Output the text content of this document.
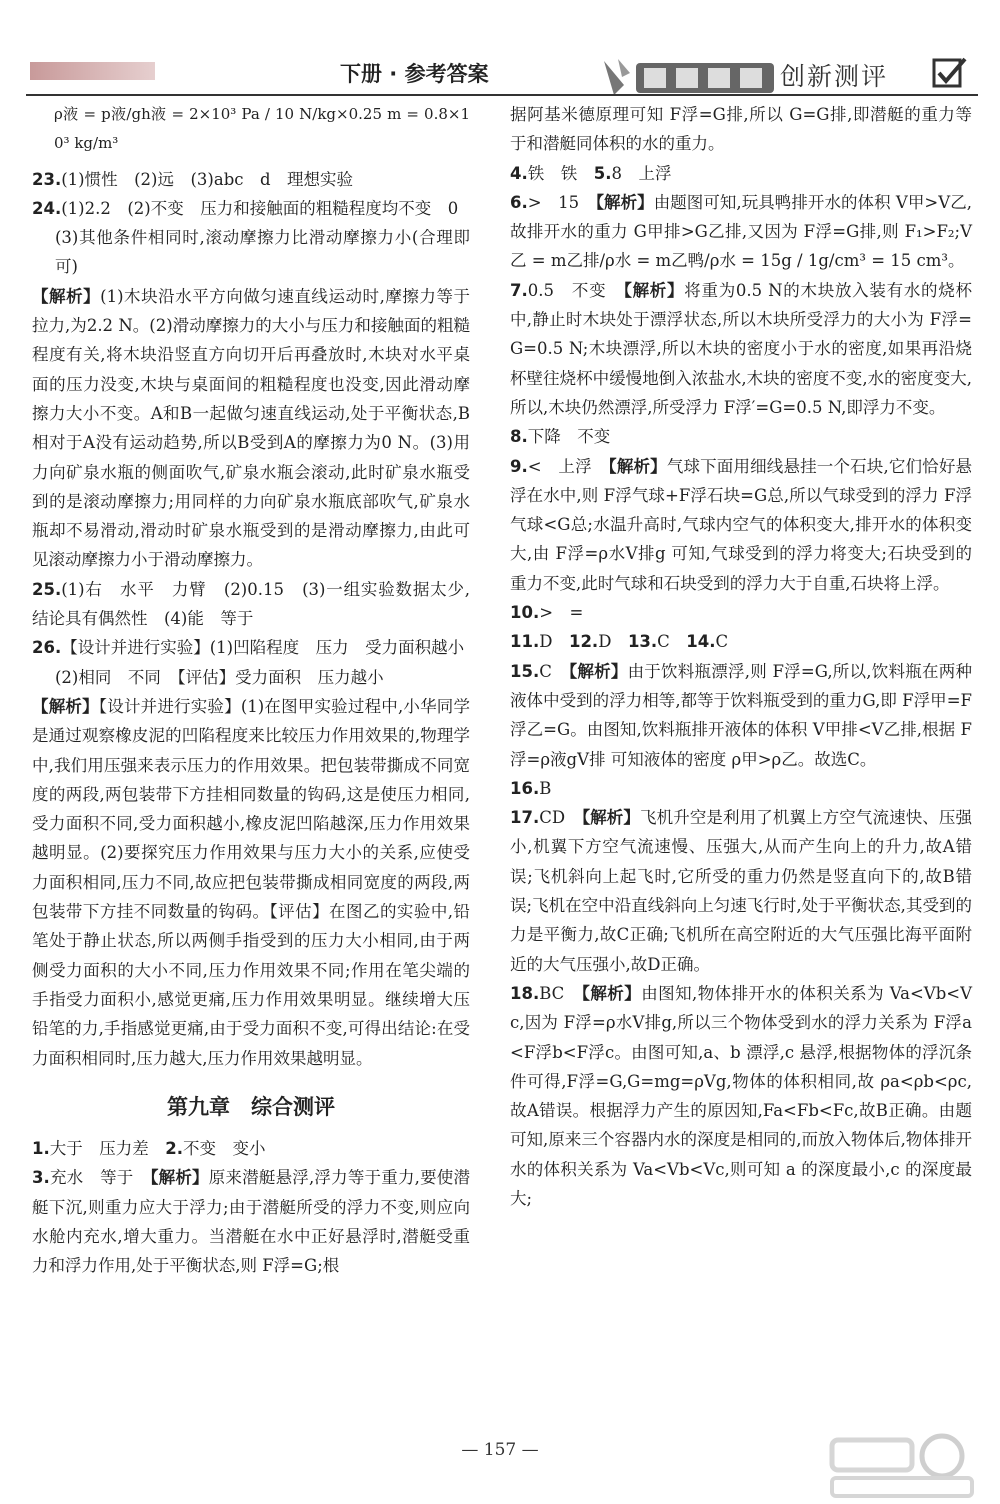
下册 · 参考答案	创新测评

ρ液 = p液/gh液 = 2×10³ Pa / 10 N/kg×0.25 m = 0.8×10³ kg/m³

23.(1)惯性　(2)远　(3)abc　d　理想实验

24.(1)2.2　(2)不变　压力和接触面的粗糙程度均不变　0

(3)其他条件相同时,滚动摩擦力比滑动摩擦力小(合理即可)

【解析】(1)木块沿水平方向做匀速直线运动时,摩擦力等于拉力,为2.2 N。(2)滑动摩擦力的大小与压力和接触面的粗糙程度有关,将木块沿竖直方向切开后再叠放时,木块对水平桌面的压力没变,木块与桌面间的粗糙程度也没变,因此滑动摩擦力大小不变。A和B一起做匀速直线运动,处于平衡状态,B相对于A没有运动趋势,所以B受到A的摩擦力为0 N。(3)用力向矿泉水瓶的侧面吹气,矿泉水瓶会滚动,此时矿泉水瓶受到的是滚动摩擦力;用同样的力向矿泉水瓶底部吹气,矿泉水瓶却不易滑动,滑动时矿泉水瓶受到的是滑动摩擦力,由此可见滚动摩擦力小于滑动摩擦力。

25.(1)右　水平　力臂　(2)0.15　(3)一组实验数据太少,结论具有偶然性　(4)能　等于

26.【设计并进行实验】(1)凹陷程度　压力　受力面积越小

(2)相同　不同　【评估】受力面积　压力越小

【解析】【设计并进行实验】(1)在图甲实验过程中,小华同学是通过观察橡皮泥的凹陷程度来比较压力作用效果的,物理学中,我们用压强来表示压力的作用效果。把包装带撕成不同宽度的两段,两包装带下方挂相同数量的钩码,这是使压力相同,受力面积不同,受力面积越小,橡皮泥凹陷越深,压力作用效果越明显。(2)要探究压力作用效果与压力大小的关系,应使受力面积相同,压力不同,故应把包装带撕成相同宽度的两段,两包装带下方挂不同数量的钩码。【评估】在图乙的实验中,铅笔处于静止状态,所以两侧手指受到的压力大小相同,由于两侧受力面积的大小不同,压力作用效果不同;作用在笔尖端的手指受力面积小,感觉更痛,压力作用效果明显。继续增大压铅笔的力,手指感觉更痛,由于受力面积不变,可得出结论:在受力面积相同时,压力越大,压力作用效果越明显。

第九章　综合测评

1.大于　压力差　2.不变　变小

3.充水　等于　【解析】原来潜艇悬浮,浮力等于重力,要使潜艇下沉,则重力应大于浮力;由于潜艇所受的浮力不变,则应向水舱内充水,增大重力。当潜艇在水中正好悬浮时,潜艇受重力和浮力作用,处于平衡状态,则 F浮=G;根

据阿基米德原理可知 F浮=G排,所以 G=G排,即潜艇的重力等于和潜艇同体积的水的重力。

4.铁　铁　5.8　上浮

6.>　15　【解析】由题图可知,玩具鸭排开水的体积 V甲>V乙,故排开水的重力 G甲排>G乙排,又因为 F浮=G排,则 F₁>F₂;V乙 = m乙排/ρ水 = m乙鸭/ρ水 = 15g / 1g/cm³ = 15 cm³。

7.0.5　不变　【解析】将重为0.5 N的木块放入装有水的烧杯中,静止时木块处于漂浮状态,所以木块所受浮力的大小为 F浮=G=0.5 N;木块漂浮,所以木块的密度小于水的密度,如果再沿烧杯壁往烧杯中缓慢地倒入浓盐水,木块的密度不变,水的密度变大,所以,木块仍然漂浮,所受浮力 F浮′=G=0.5 N,即浮力不变。

8.下降　不变

9.<　上浮　【解析】气球下面用细线悬挂一个石块,它们恰好悬浮在水中,则 F浮气球+F浮石块=G总,所以气球受到的浮力 F浮气球<G总;水温升高时,气球内空气的体积变大,排开水的体积变大,由 F浮=ρ水V排g 可知,气球受到的浮力将变大;石块受到的重力不变,此时气球和石块受到的浮力大于自重,石块将上浮。

10.>　=

11.D　12.D　13.C　14.C

15.C　【解析】由于饮料瓶漂浮,则 F浮=G,所以,饮料瓶在两种液体中受到的浮力相等,都等于饮料瓶受到的重力G,即 F浮甲=F浮乙=G。由图知,饮料瓶排开液体的体积 V甲排<V乙排,根据 F浮=ρ液gV排 可知液体的密度 ρ甲>ρ乙。故选C。

16.B

17.CD　【解析】飞机升空是利用了机翼上方空气流速快、压强小,机翼下方空气流速慢、压强大,从而产生向上的升力,故A错误;飞机斜向上起飞时,它所受的重力仍然是竖直向下的,故B错误;飞机在空中沿直线斜向上匀速飞行时,处于平衡状态,其受到的力是平衡力,故C正确;飞机所在高空附近的大气压强比海平面附近的大气压强小,故D正确。

18.BC　【解析】由图知,物体排开水的体积关系为 Va<Vb<Vc,因为 F浮=ρ水V排g,所以三个物体受到水的浮力关系为 F浮a<F浮b<F浮c。由图可知,a、b 漂浮,c 悬浮,根据物体的浮沉条件可得,F浮=G,G=mg=ρVg,物体的体积相同,故 ρa<ρb<ρc,故A错误。根据浮力产生的原因知,Fa<Fb<Fc,故B正确。由题可知,原来三个容器内水的深度是相同的,而放入物体后,物体排开水的体积关系为 Va<Vb<Vc,则可知 a 的深度最小,c 的深度最大;

— 157 —
